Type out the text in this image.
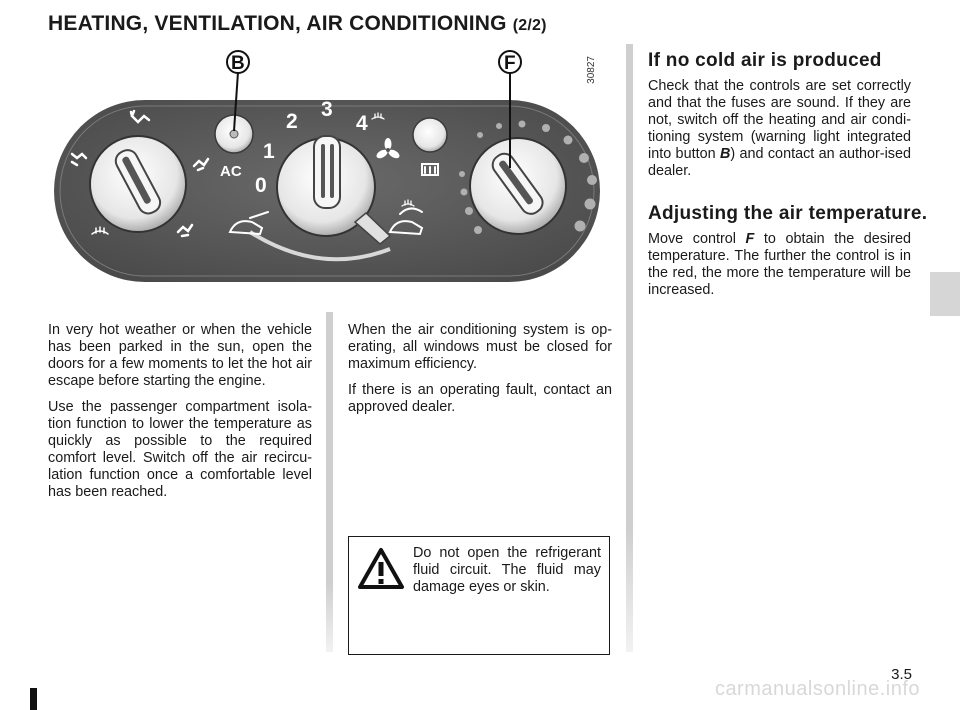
HEATING, VENTILATION, AIR CONDITIONING (2/2)
0
1
2
3
4
AC
B	F	30827

In very hot weather or when the vehicle has been parked in the sun, open the doors for a few moments to let the hot air escape before starting the engine.

Use the passenger compartment isola-tion function to lower the temperature as quickly as possible to the required comfort level. Switch off the air recircu-lation function once a comfortable level has been reached.

When the air conditioning system is op-erating, all windows must be closed for maximum efficiency.

If there is an operating fault, contact an approved dealer.

Do not open the refrigerant fluid circuit. The fluid may damage eyes or skin.
If no cold air is produced
Check that the controls are set correctly and that the fuses are sound. If they are not, switch off the heating and air condi-tioning system (warning light integrated into button B) and contact an author-ised dealer.
Adjusting the air temperature.
Move control F to obtain the desired temperature. The further the control is in the red, the more the temperature will be increased.
3.5
carmanualsonline.info
